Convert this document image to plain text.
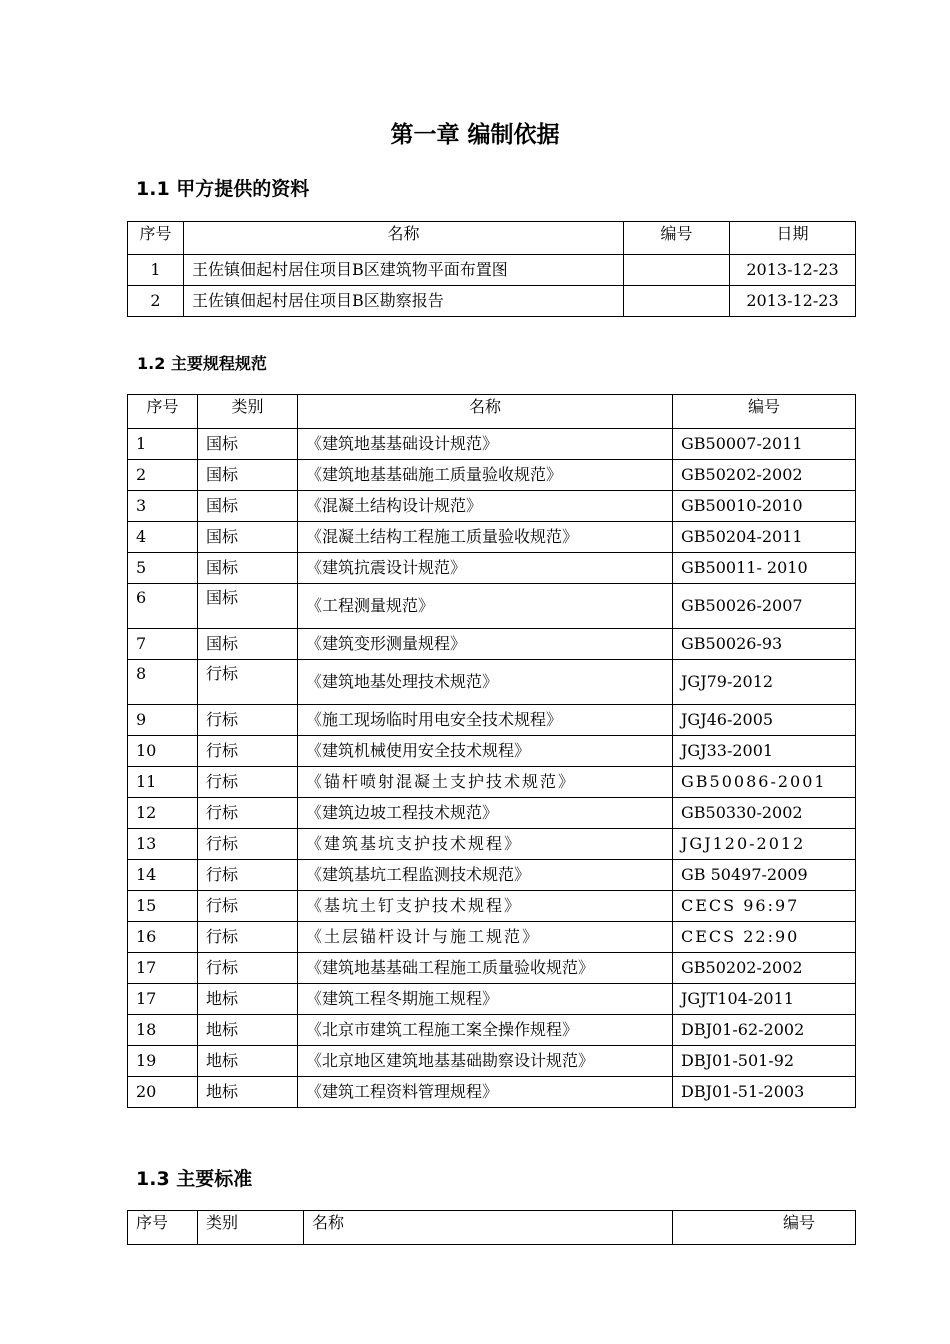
第一章 编制依据
1.1 甲方提供的资料
序号	名称	编号	日期
1	王佐镇佃起村居住项目B区建筑物平面布置图		2013-12-23
2	王佐镇佃起村居住项目B区勘察报告		2013-12-23
1.2 主要规程规范
序号	类别	名称	编号
1	国标	《建筑地基基础设计规范》	GB50007-2011
2	国标	《建筑地基基础施工质量验收规范》	GB50202-2002
3	国标	《混凝土结构设计规范》	GB50010-2010
4	国标	《混凝土结构工程施工质量验收规范》	GB50204-2011
5	国标	《建筑抗震设计规范》	GB50011- 2010
6	国标	《工程测量规范》	GB50026-2007
7	国标	《建筑变形测量规程》	GB50026-93
8	行标	《建筑地基处理技术规范》	JGJ79-2012
9	行标	《施工现场临时用电安全技术规程》	JGJ46-2005
10	行标	《建筑机械使用安全技术规程》	JGJ33-2001
11	行标	《锚杆喷射混凝土支护技术规范》	GB50086-2001
12	行标	《建筑边坡工程技术规范》	GB50330-2002
13	行标	《建筑基坑支护技术规程》	JGJ120-2012
14	行标	《建筑基坑工程监测技术规范》	GB 50497-2009
15	行标	《基坑土钉支护技术规程》	CECS 96:97
16	行标	《土层锚杆设计与施工规范》	CECS 22:90
17	行标	《建筑地基基础工程施工质量验收规范》	GB50202-2002
17	地标	《建筑工程冬期施工规程》	JGJT104-2011
18	地标	《北京市建筑工程施工案全操作规程》	DBJ01-62-2002
19	地标	《北京地区建筑地基基础勘察设计规范》	DBJ01-501-92
20	地标	《建筑工程资料管理规程》	DBJ01-51-2003
1.3 主要标准
序号	类别	名称	编号
